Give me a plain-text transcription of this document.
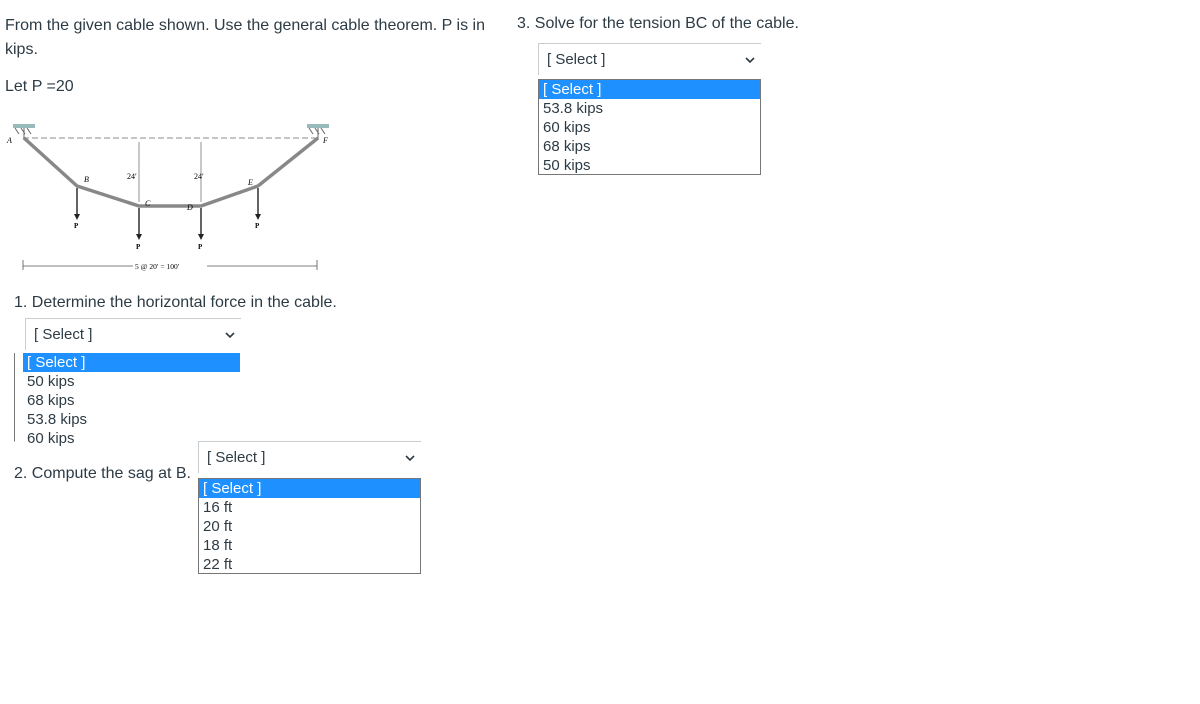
From the given cable shown. Use the general cable theorem. P is in kips.
Let P =20
A
B
C	D
E
F
24′	24′
P
P	P
P
5 @ 20′ = 100′
1. Determine the horizontal force in the cable.
[ Select ]
[ Select ]
50 kips
68 kips
53.8 kips
60 kips
2. Compute the sag at B.
[ Select ]
[ Select ]
16 ft
20 ft
18 ft
22 ft
3. Solve for the tension BC of the cable.
[ Select ]
[ Select ]
53.8 kips
60 kips
68 kips
50 kips
